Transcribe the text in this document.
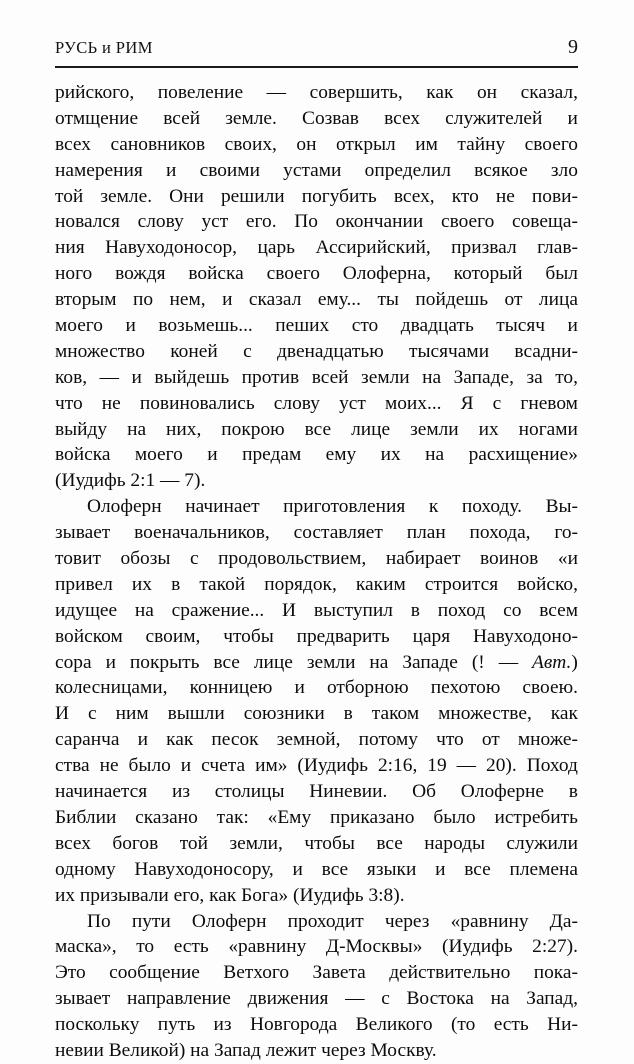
РУСЬ и РИМ	9

рийского, повеление — совершить, как он сказал,
отмщение всей земле. Созвав всех служителей и
всех сановников своих, он открыл им тайну своего
намерения и своими устами определил всякое зло
той земле. Они решили погубить всех, кто не пови-
новался слову уст его. По окончании своего совеща-
ния Навуходоносор, царь Ассирийский, призвал глав-
ного вождя войска своего Олоферна, который был
вторым по нем, и сказал ему... ты пойдешь от лица
моего и возьмешь... пеших сто двадцать тысяч и
множество коней с двенадцатью тысячами всадни-
ков, — и выйдешь против всей земли на Западе, за то,
что не повиновались слову уст моих... Я с гневом
выйду на них, покрою все лице земли их ногами
войска моего и предам ему их на расхищение»
(Иудифь 2:1 — 7).

Олоферн начинает приготовления к походу. Вы-
зывает военачальников, составляет план похода, го-
товит обозы с продовольствием, набирает воинов «и
привел их в такой порядок, каким строится войско,
идущее на сражение... И выступил в поход со всем
войском своим, чтобы предварить царя Навуходоно-
сора и покрыть все лице земли на Западе (! — Авт.)
колесницами, конницею и отборною пехотою своею.
И с ним вышли союзники в таком множестве, как
саранча и как песок земной, потому что от множе-
ства не было и счета им» (Иудифь 2:16, 19 — 20). Поход
начинается из столицы Ниневии. Об Олоферне в
Библии сказано так: «Ему приказано было истребить
всех богов той земли, чтобы все народы служили
одному Навуходоносору, и все языки и все племена
их призывали его, как Бога» (Иудифь 3:8).

По пути Олоферн проходит через «равнину Да-
маска», то есть «равнину Д-Москвы» (Иудифь 2:27).
Это сообщение Ветхого Завета действительно пока-
зывает направление движения — с Востока на Запад,
поскольку путь из Новгорода Великого (то есть Ни-
невии Великой) на Запад лежит через Москву.
